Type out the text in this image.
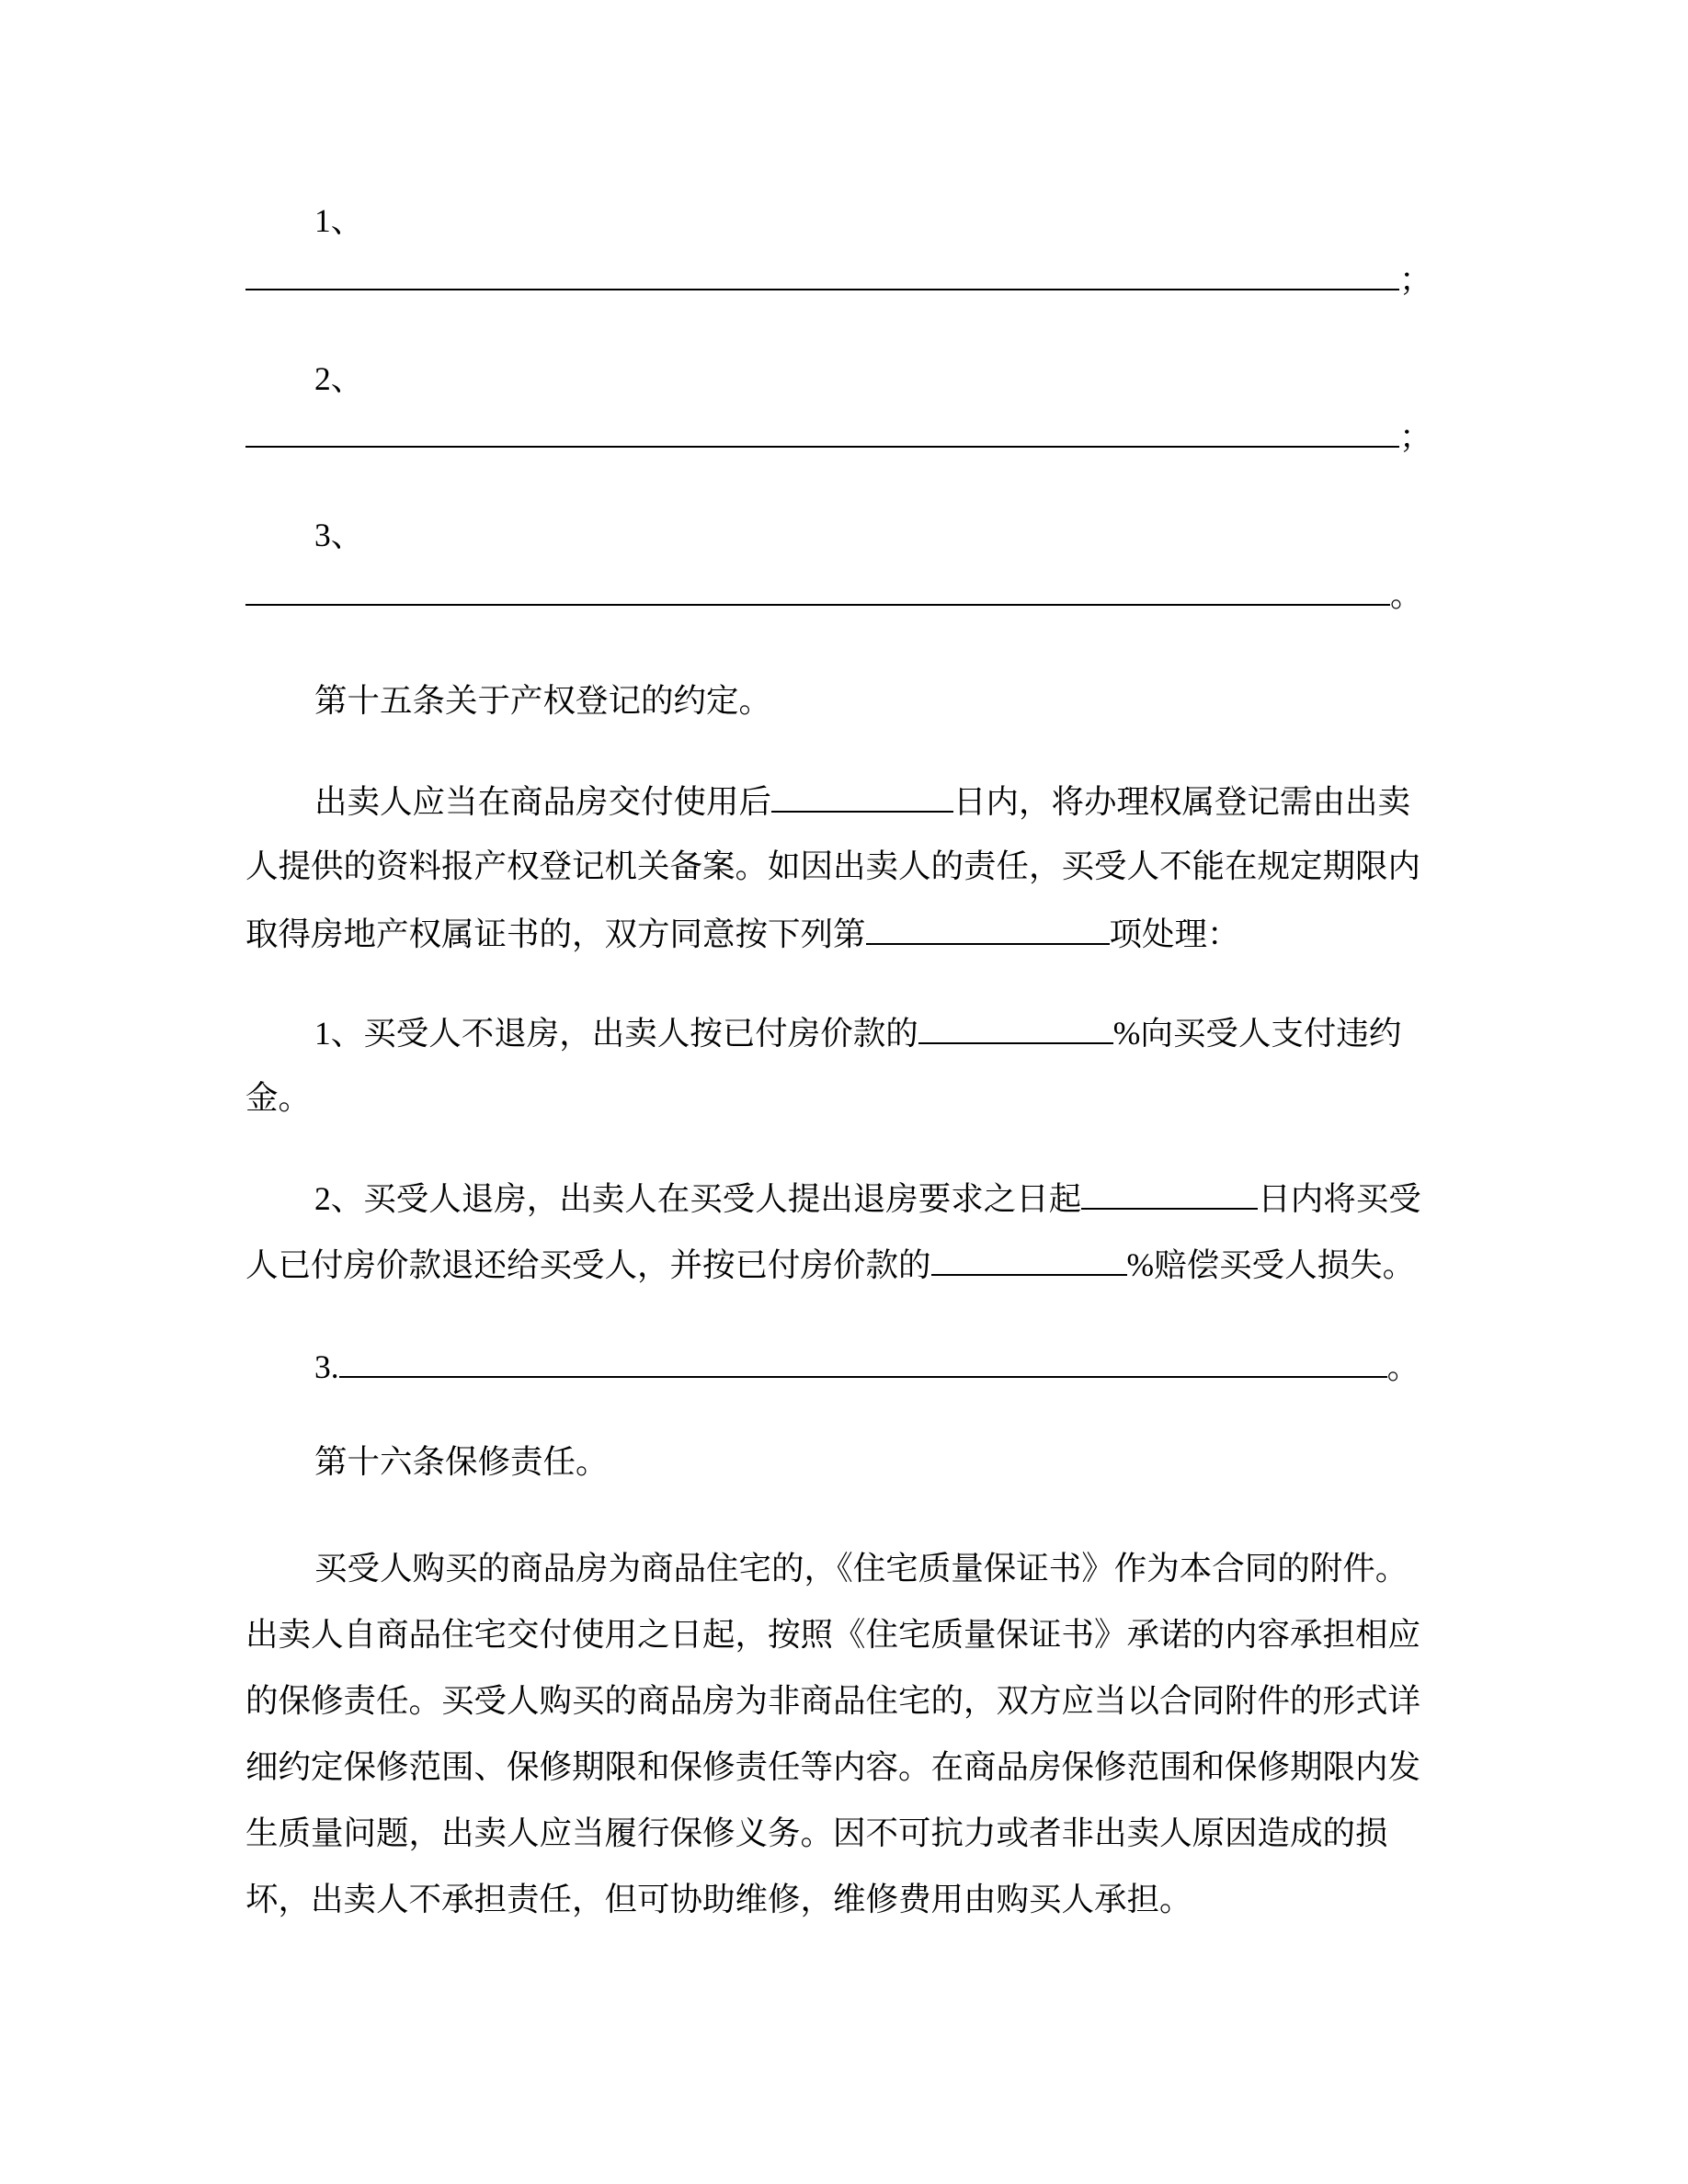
1、
；
2、
；
3、
。
第十五条关于产权登记的约定。
出卖人应当在商品房交付使用后	日内，将办理权属登记需由出卖
人提供的资料报产权登记机关备案。如因出卖人的责任，买受人不能在规定期限内
取得房地产权属证书的，双方同意按下列第	项处理：
1、买受人不退房，出卖人按已付房价款的	%向买受人支付违约
金。
2、买受人退房，出卖人在买受人提出退房要求之日起	日内将买受
人已付房价款退还给买受人，并按已付房价款的	%赔偿买受人损失。
3.	。
第十六条保修责任。
买受人购买的商品房为商品住宅的，《住宅质量保证书》作为本合同的附件。
出卖人自商品住宅交付使用之日起，按照《住宅质量保证书》承诺的内容承担相应
的保修责任。买受人购买的商品房为非商品住宅的，双方应当以合同附件的形式详
细约定保修范围、保修期限和保修责任等内容。在商品房保修范围和保修期限内发
生质量问题，出卖人应当履行保修义务。因不可抗力或者非出卖人原因造成的损
坏，出卖人不承担责任，但可协助维修，维修费用由购买人承担。
